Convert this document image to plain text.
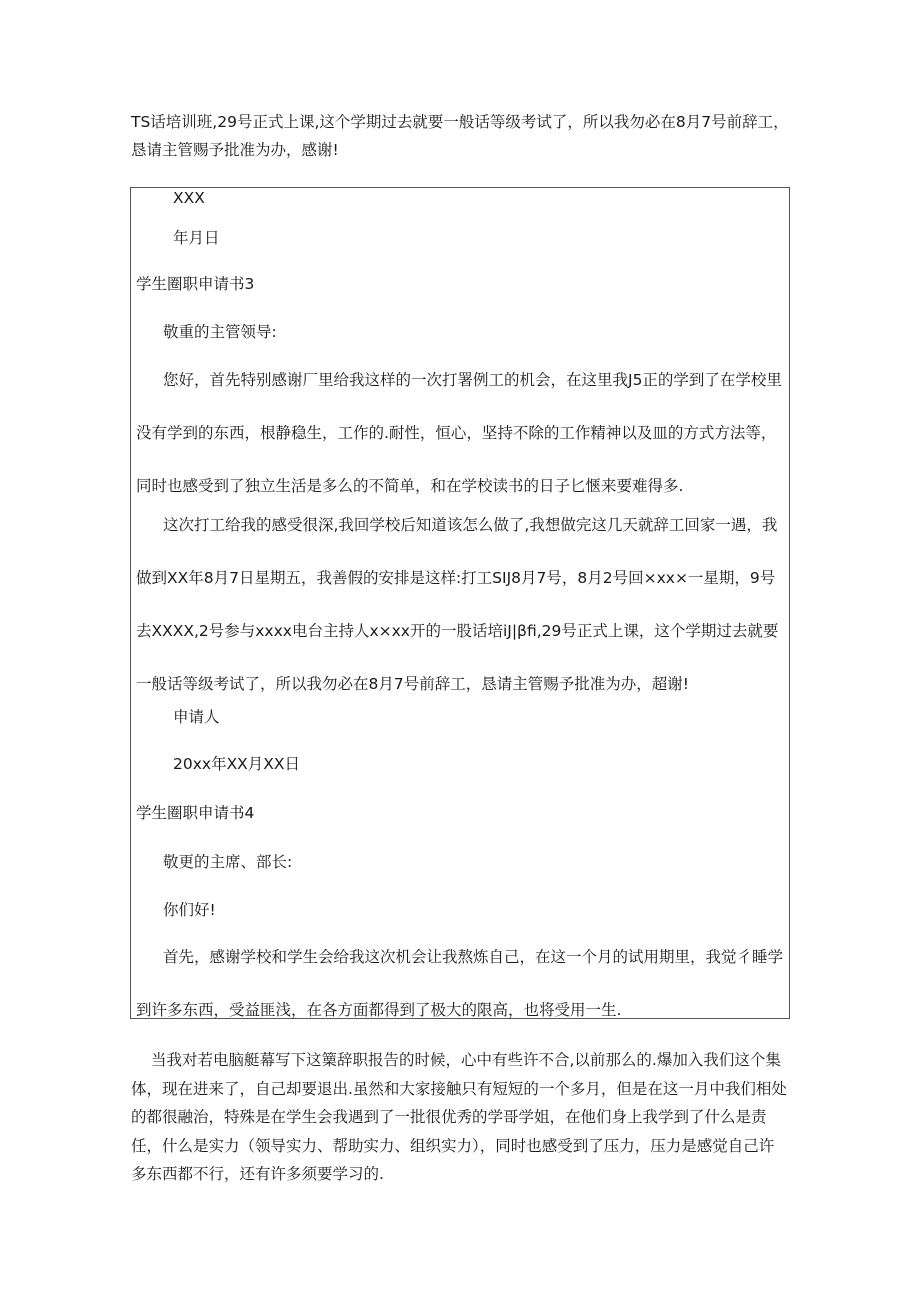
TS话培训班,29号正式上课,这个学期过去就要一般话等级考试了，所以我勿必在8月7号前辞工，恳请主管赐予批准为办，感谢!

XXX

年月日

学生圈职申请书3

敬重的主管领导:

您好，首先特别感谢厂里给我这样的一次打署例工的机会，在这里我J5正的学到了在学校里没有学到的东西，根静稳生，工作的.耐性，恒心，坚持不除的工作精神以及皿的方式方法等，同时也感受到了独立生活是多么的不简单，和在学校读书的日子匕愜来要难得多.

这次打工给我的感受很深,我回学校后知道该怎么做了,我想做完这几天就辞工回家一遇，我做到XX年8月7日星期五，我善假的安排是这样:打工SIJ8月7号，8月2号回×xx×一星期，9号去XXXX,2号参与xxxx电台主持人x×xx开的一股话培iJ|βfi,29号正式上课，这个学期过去就要一般话等级考试了，所以我勿必在8月7号前辞工，恳请主管赐予批准为办，超谢!

申请人

20xx年XX月XX日

学生圈职申请书4

敬更的主席、部长:

你们好!

首先，感谢学校和学生会给我这次机会让我熬炼自己，在这一个月的试用期里，我觉彳睡学到许多东西，受益匪浅，在各方面都得到了极大的限高，也将受用一生.

当我对若电脑艇幕写下这篥辞职报告的时候，心中有些许不合,以前那么的.爆加入我们这个集体，现在进来了，自己却要退出.虽然和大家接触只有短短的一个多月，但是在这一月中我们相处的都很融治，特殊是在学生会我遇到了一批很优秀的学哥学姐，在他们身上我学到了什么是责任，什么是实力（领导实力、帮助实力、组织实力），同时也感受到了压力，压力是感觉自己许多东西都不行，还有许多须要学习的.
